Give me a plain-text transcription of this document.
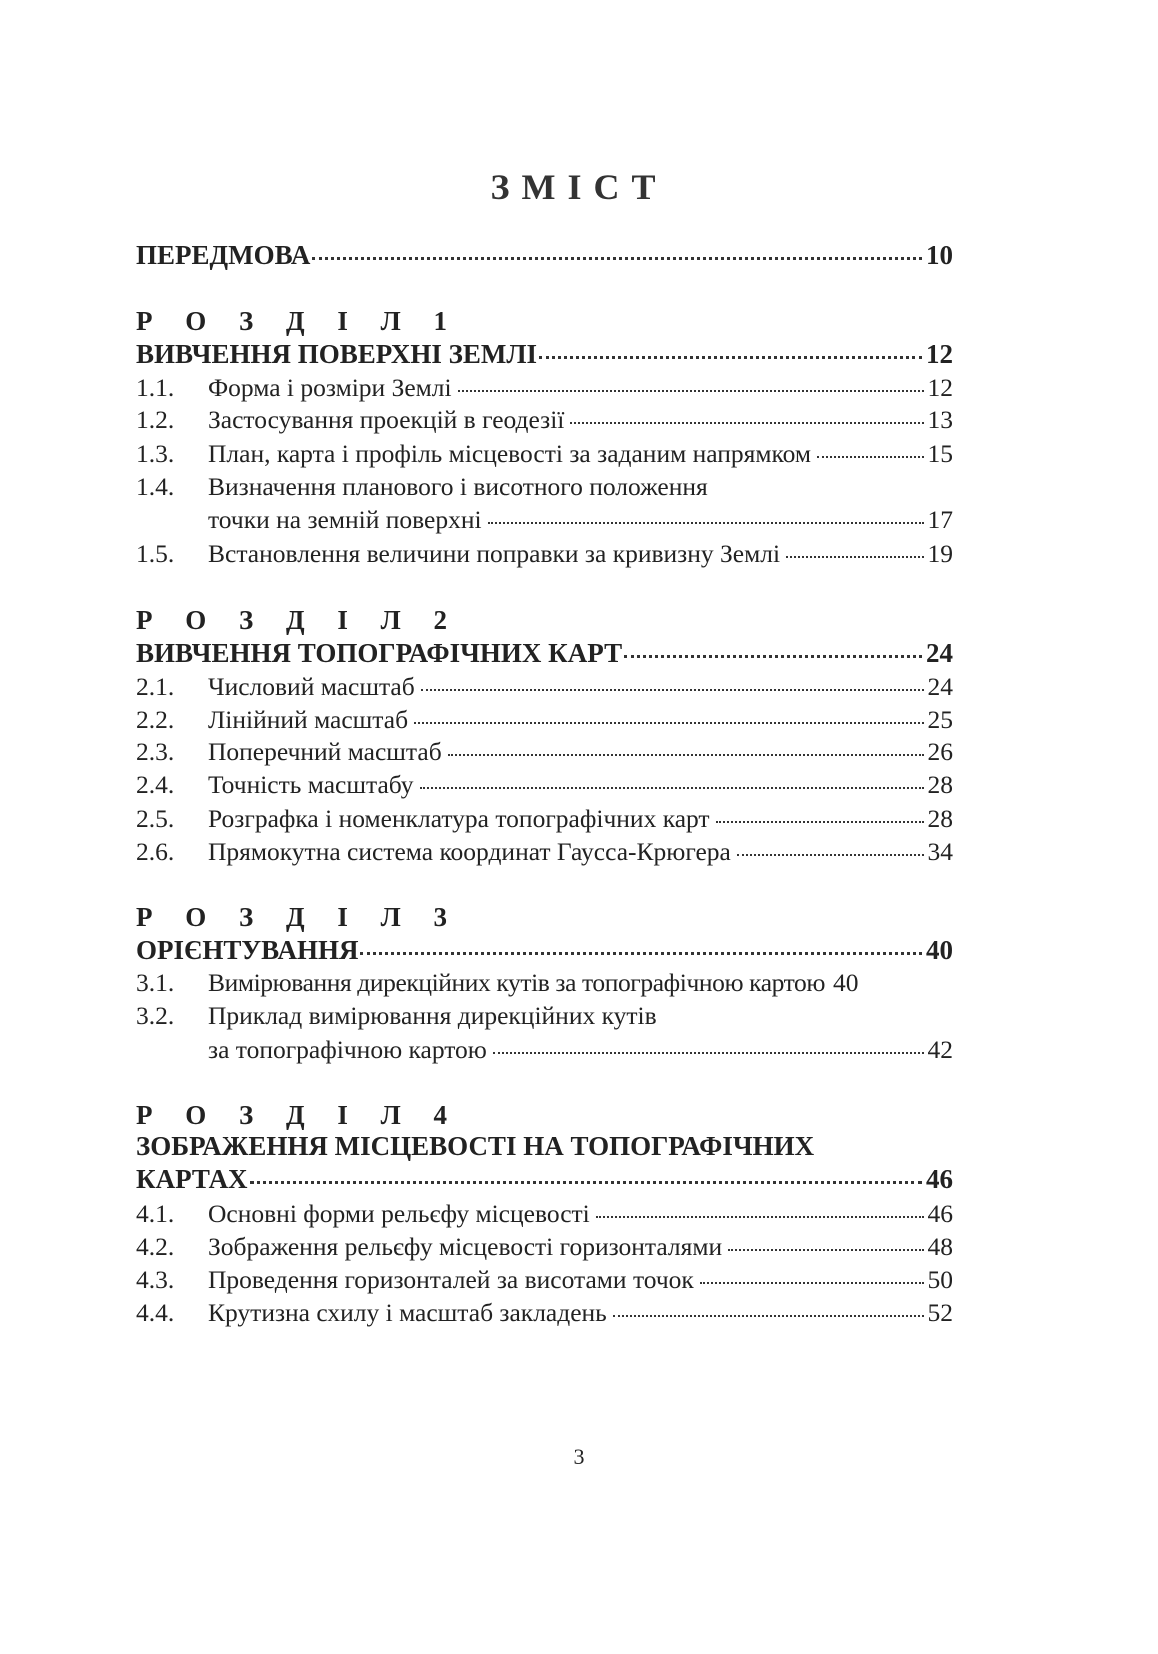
ЗМІСТ
ПЕРЕДМОВА	10
Р О З Д І Л 1
ВИВЧЕННЯ ПОВЕРХНІ ЗЕМЛІ	12
1.1.	Форма і розміри Землі	12
1.2.	Застосування проекцій в геодезії	13
1.3.	План, карта і профіль місцевості за заданим напрямком	15
1.4.	Визначення планового і висотного положення
точки на земній поверхні	17
1.5.	Встановлення величини поправки за кривизну Землі	19
Р О З Д І Л 2
ВИВЧЕННЯ ТОПОГРАФІЧНИХ КАРТ	24
2.1.	Числовий масштаб	24
2.2.	Лінійний масштаб	25
2.3.	Поперечний масштаб	26
2.4.	Точність масштабу	28
2.5.	Розграфка і номенклатура топографічних карт	28
2.6.	Прямокутна система координат Гаусса-Крюгера	34
Р О З Д І Л 3
ОРІЄНТУВАННЯ	40
3.1.	Вимірювання дирекційних кутів за топографічною картою 40
3.2.	Приклад вимірювання дирекційних кутів
за топографічною картою	42
Р О З Д І Л 4
ЗОБРАЖЕННЯ МІСЦЕВОСТІ НА ТОПОГРАФІЧНИХ
КАРТАХ	46
4.1.	Основні форми рельєфу місцевості	46
4.2.	Зображення рельєфу місцевості горизонталями	48
4.3.	Проведення горизонталей за висотами точок	50
4.4.	Крутизна схилу і масштаб закладень	52
3
